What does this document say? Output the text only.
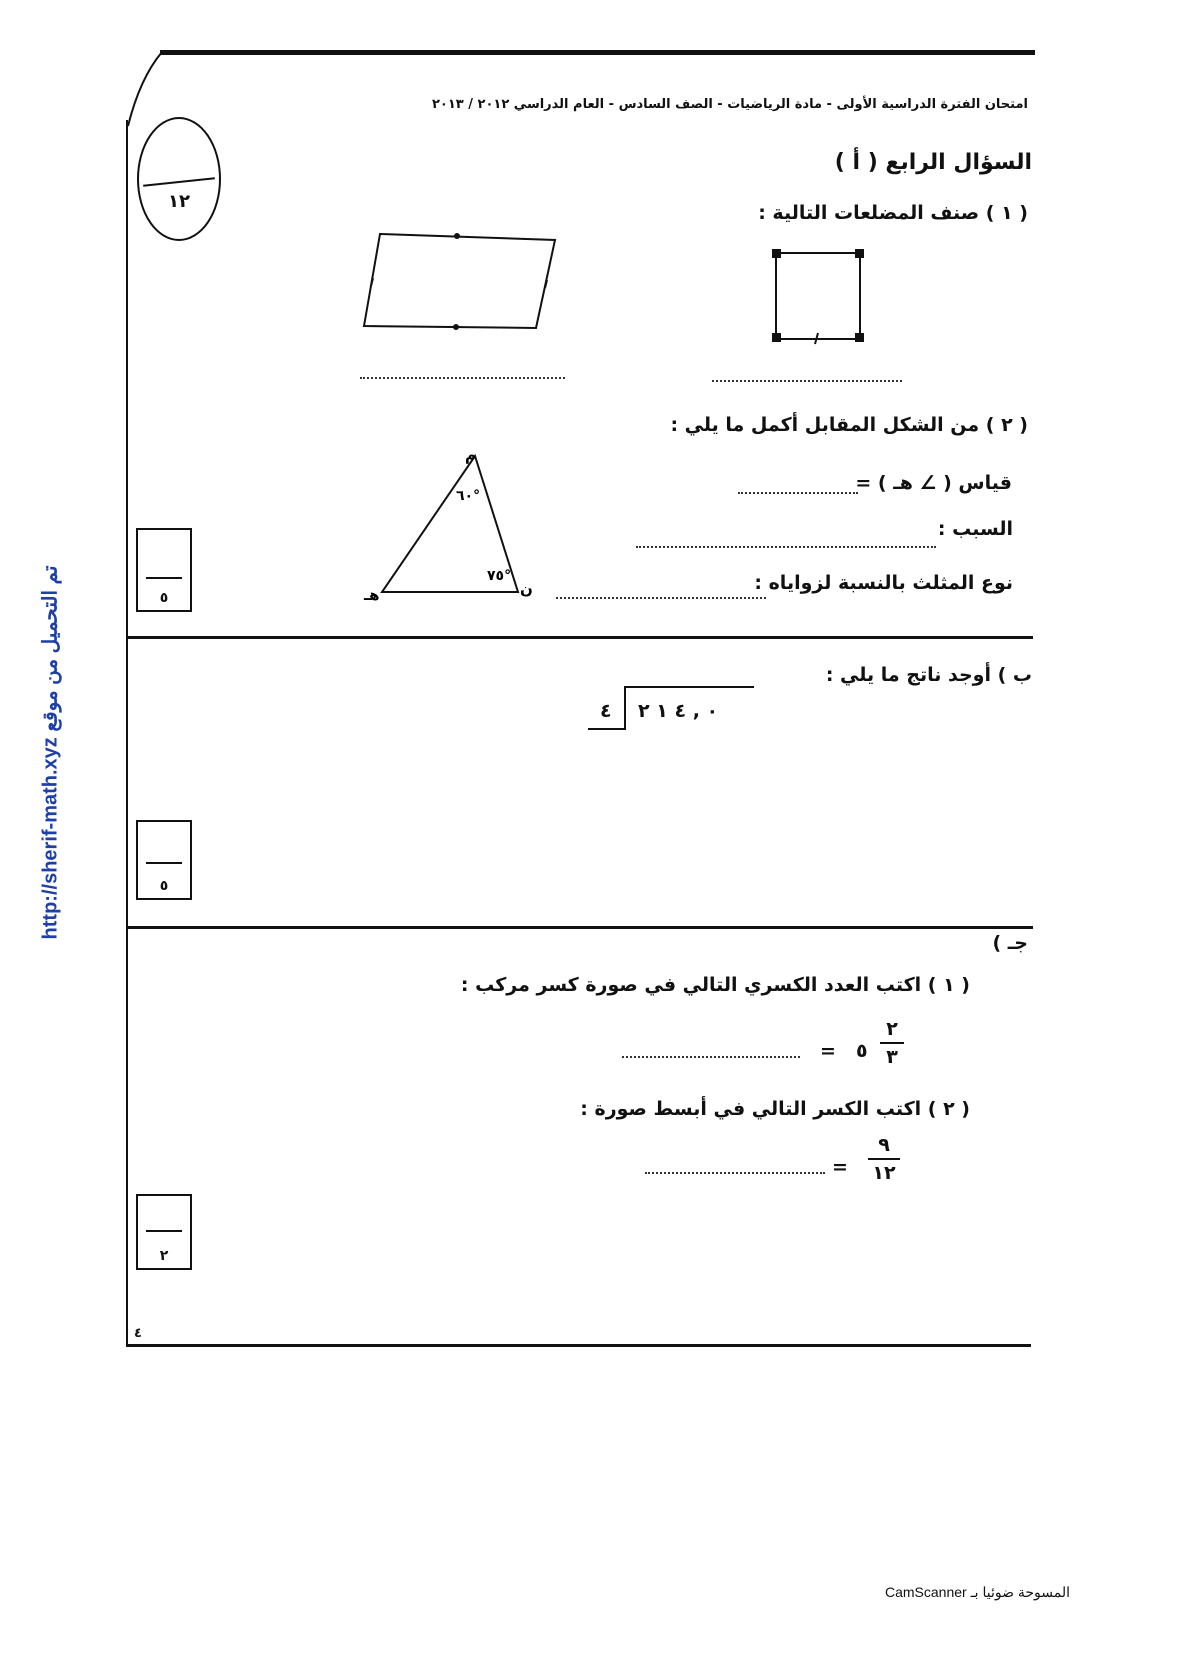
امتحان الفترة الدراسية الأولى - مادة الرياضيات - الصف السادس - العام الدراسي ٢٠١٢ / ٢٠١٣
١٢
السؤال الرابع ( أ )
( ١ ) صنف المضلعات التالية :
( ٢ ) من الشكل المقابل أكمل ما يلي :
م
ن
هـ
٦٠°
٧٥°
قياس ( ∠ هـ ) =
السبب :
نوع المثلث بالنسبة لزواياه :
٥
ب ) أوجد ناتج ما يلي :
٤ ٠ , ٤ ١ ٢
٥
جـ )
( ١ ) اكتب العدد الكسري التالي في صورة كسر مركب :
= ٥
٢
٣
( ٢ ) اكتب الكسر التالي في أبسط صورة :
=
٩
١٢
٢
٤
http://sherif-math.xyz تم التحميل من موقع
المسوحة ضوئيا بـ CamScanner
